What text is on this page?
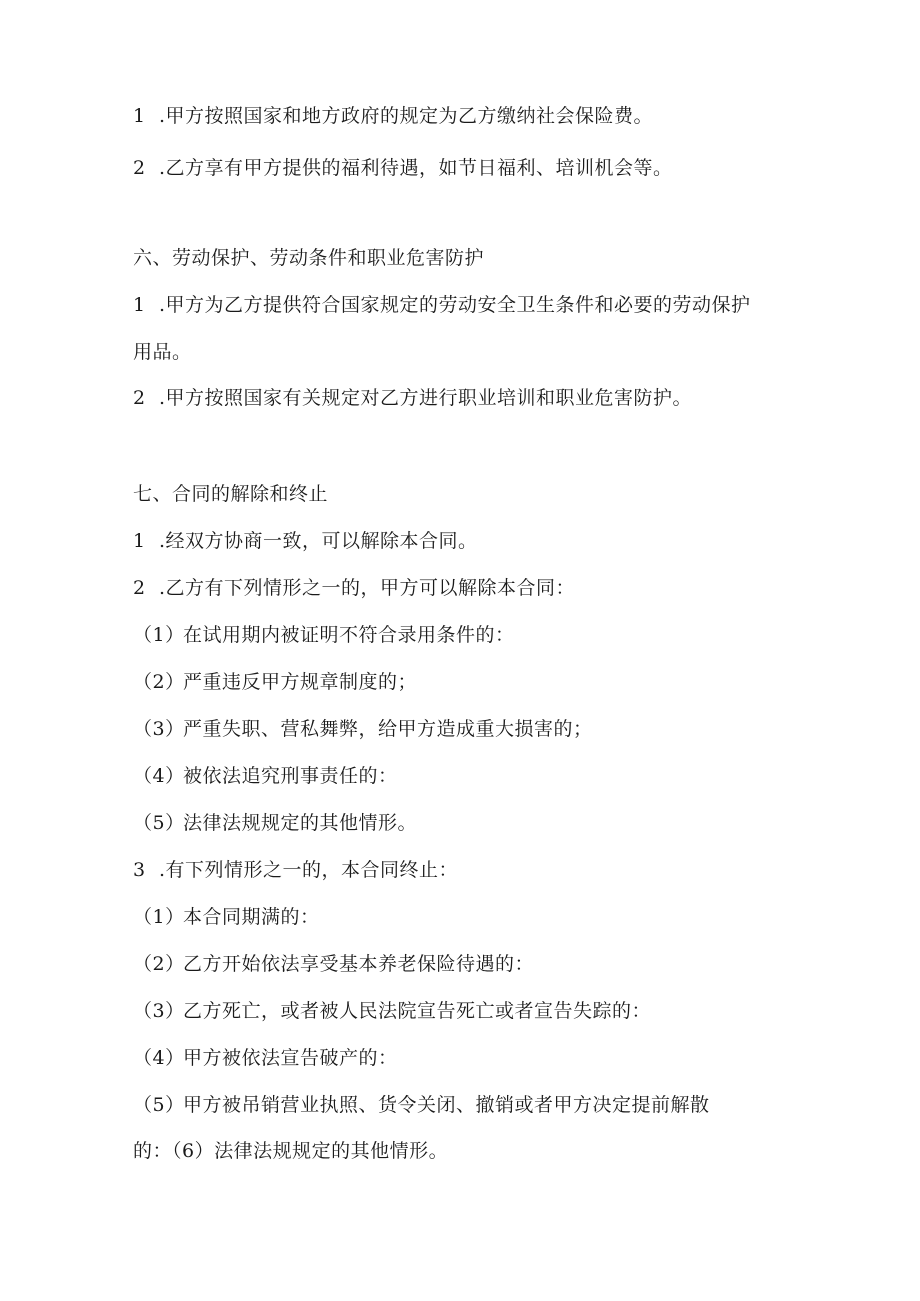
1 .甲方按照国家和地方政府的规定为乙方缴纳社会保险费。
2 .乙方享有甲方提供的福利待遇，如节日福利、培训机会等。
六、劳动保护、劳动条件和职业危害防护
1 .甲方为乙方提供符合国家规定的劳动安全卫生条件和必要的劳动保护
用品。
2 .甲方按照国家有关规定对乙方进行职业培训和职业危害防护。
七、合同的解除和终止
1 .经双方协商一致，可以解除本合同。
2 .乙方有下列情形之一的，甲方可以解除本合同：
（1）在试用期内被证明不符合录用条件的：
（2）严重违反甲方规章制度的；
（3）严重失职、营私舞弊，给甲方造成重大损害的；
（4）被依法追究刑事责任的：
（5）法律法规规定的其他情形。
3 .有下列情形之一的，本合同终止：
（1）本合同期满的：
（2）乙方开始依法享受基本养老保险待遇的：
（3）乙方死亡，或者被人民法院宣告死亡或者宣告失踪的：
（4）甲方被依法宣告破产的：
（5）甲方被吊销营业执照、货令关闭、撤销或者甲方决定提前解散
的：（6）法律法规规定的其他情形。
